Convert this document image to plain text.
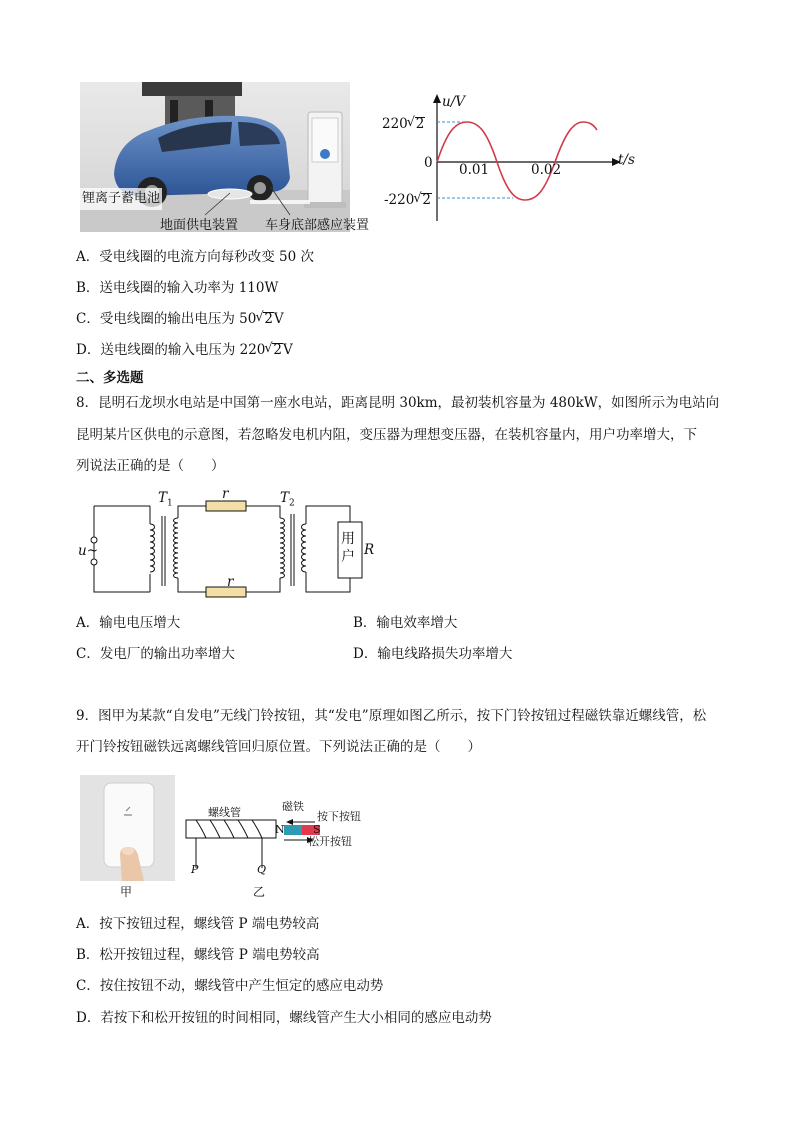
锂离子蓄电池
地面供电装置 车身底部感应装置
u/V
t/s
220 √ 2
0 0.01	0.02
-220 √ 2
A．受电线圈的电流方向每秒改变 50 次
B．送电线圈的输入功率为 110W
C．受电线圈的输出电压为 50 √ 2V
D．送电线圈的输入电压为 220 √ 2V
二、多选题
8．昆明石龙坝水电站是中国第一座水电站，距离昆明 30km，最初装机容量为 480kW，如图所示为电站向
昆明某片区供电的示意图，若忽略发电机内阻，变压器为理想变压器，在装机容量内，用户功率增大，下
列说法正确的是（　　）
$T_1$	$T_2$
r
r
u~
用户 R
A．输电电压增大	B．输电效率增大
C．发电厂的输出功率增大	D．输电线路损失功率增大
9．图甲为某款“自发电”无线门铃按钮，其“发电”原理如图乙所示，按下门铃按钮过程磁铁靠近螺线管，松
开门铃按钮磁铁远离螺线管回归原位置。下列说法正确的是（　　）
螺线管	磁铁
按下按钮
松开按钮
N	S
P	Q
甲	乙
A．按下按钮过程，螺线管 P 端电势较高
B．松开按钮过程，螺线管 P 端电势较高
C．按住按钮不动，螺线管中产生恒定的感应电动势
D．若按下和松开按钮的时间相同，螺线管产生大小相同的感应电动势
